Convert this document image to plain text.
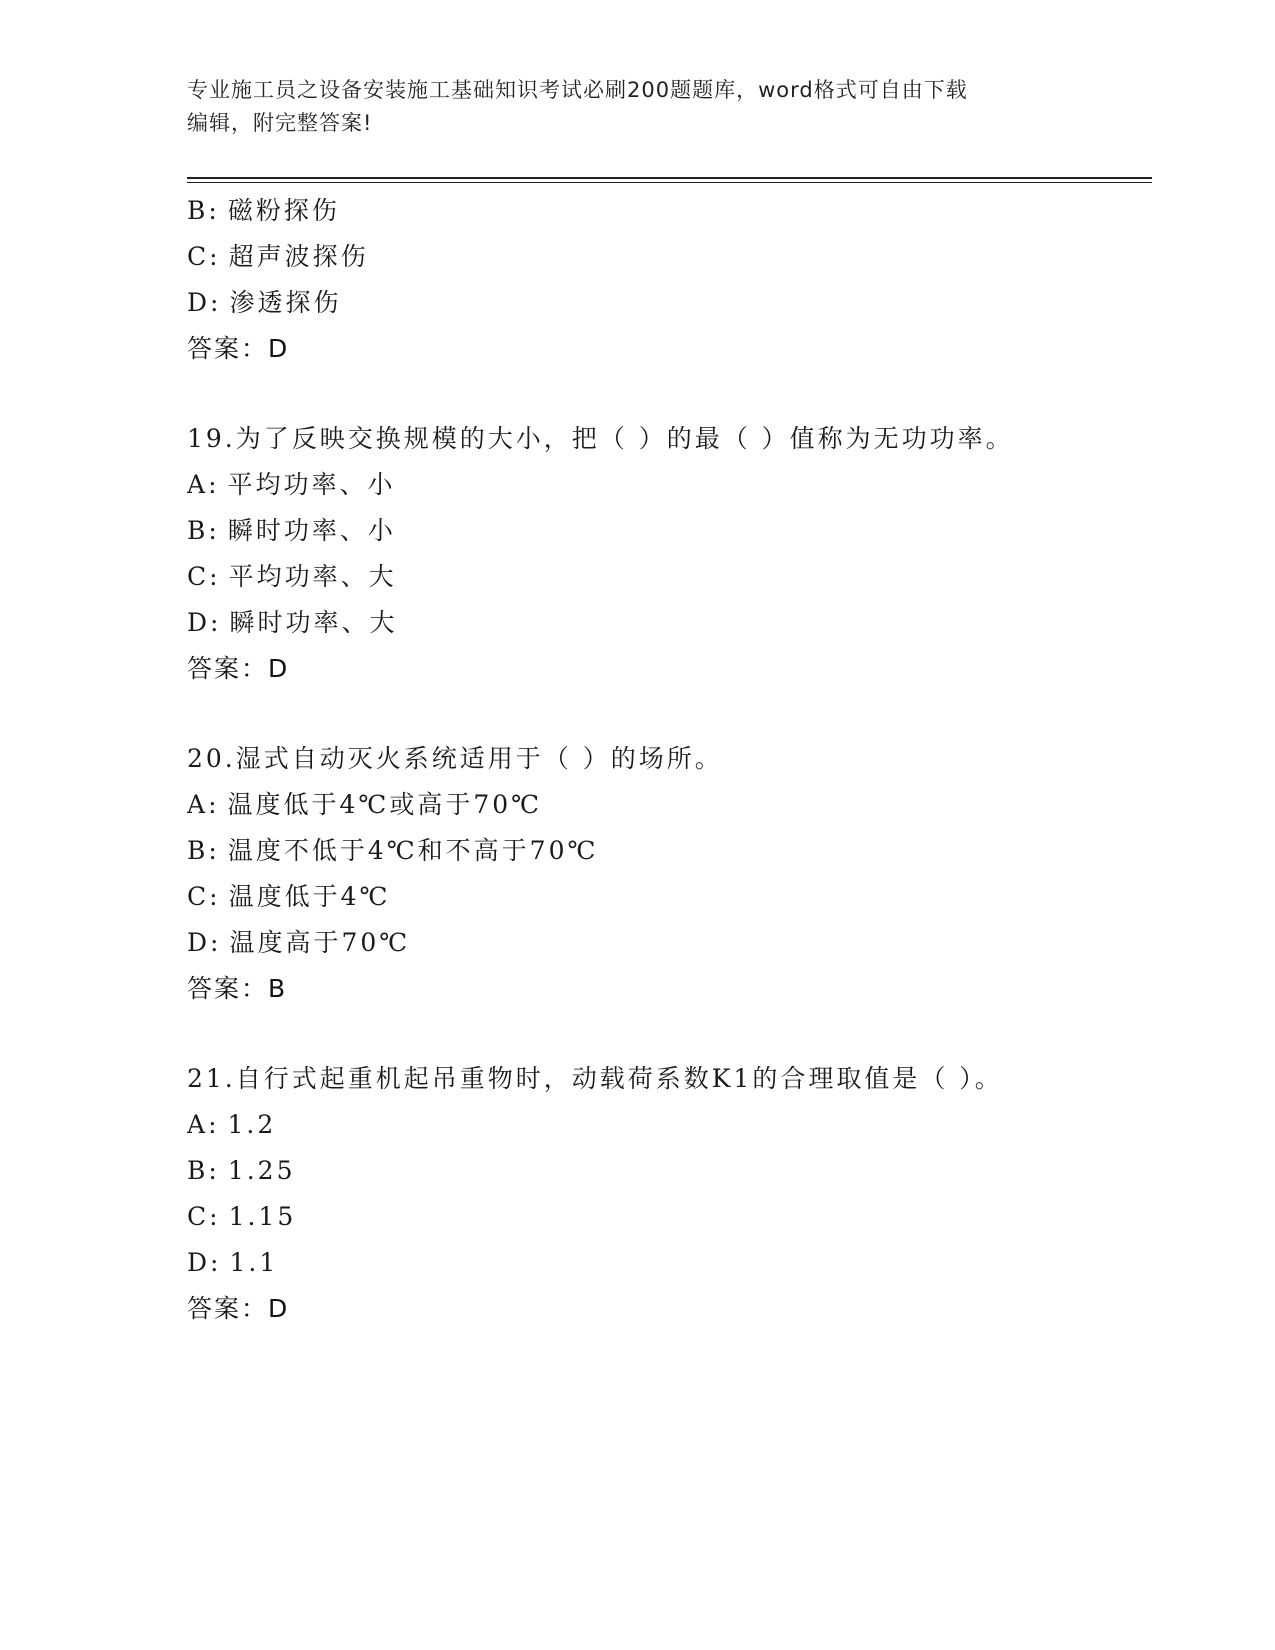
专业施工员之设备安装施工基础知识考试必刷200题题库，word格式可自由下载
编辑，附完整答案!
B: 磁粉探伤
C: 超声波探伤
D: 渗透探伤
答案：D
19.为了反映交换规模的大小，把（ ）的最（ ）值称为无功功率。
A: 平均功率、小
B: 瞬时功率、小
C: 平均功率、大
D: 瞬时功率、大
答案：D
20.湿式自动灭火系统适用于（ ）的场所。
A: 温度低于4℃或高于70℃
B: 温度不低于4℃和不高于70℃
C: 温度低于4℃
D: 温度高于70℃
答案：B
21.自行式起重机起吊重物时，动载荷系数K1的合理取值是（ ）。
A: 1.2
B: 1.25
C: 1.15
D: 1.1
答案：D
